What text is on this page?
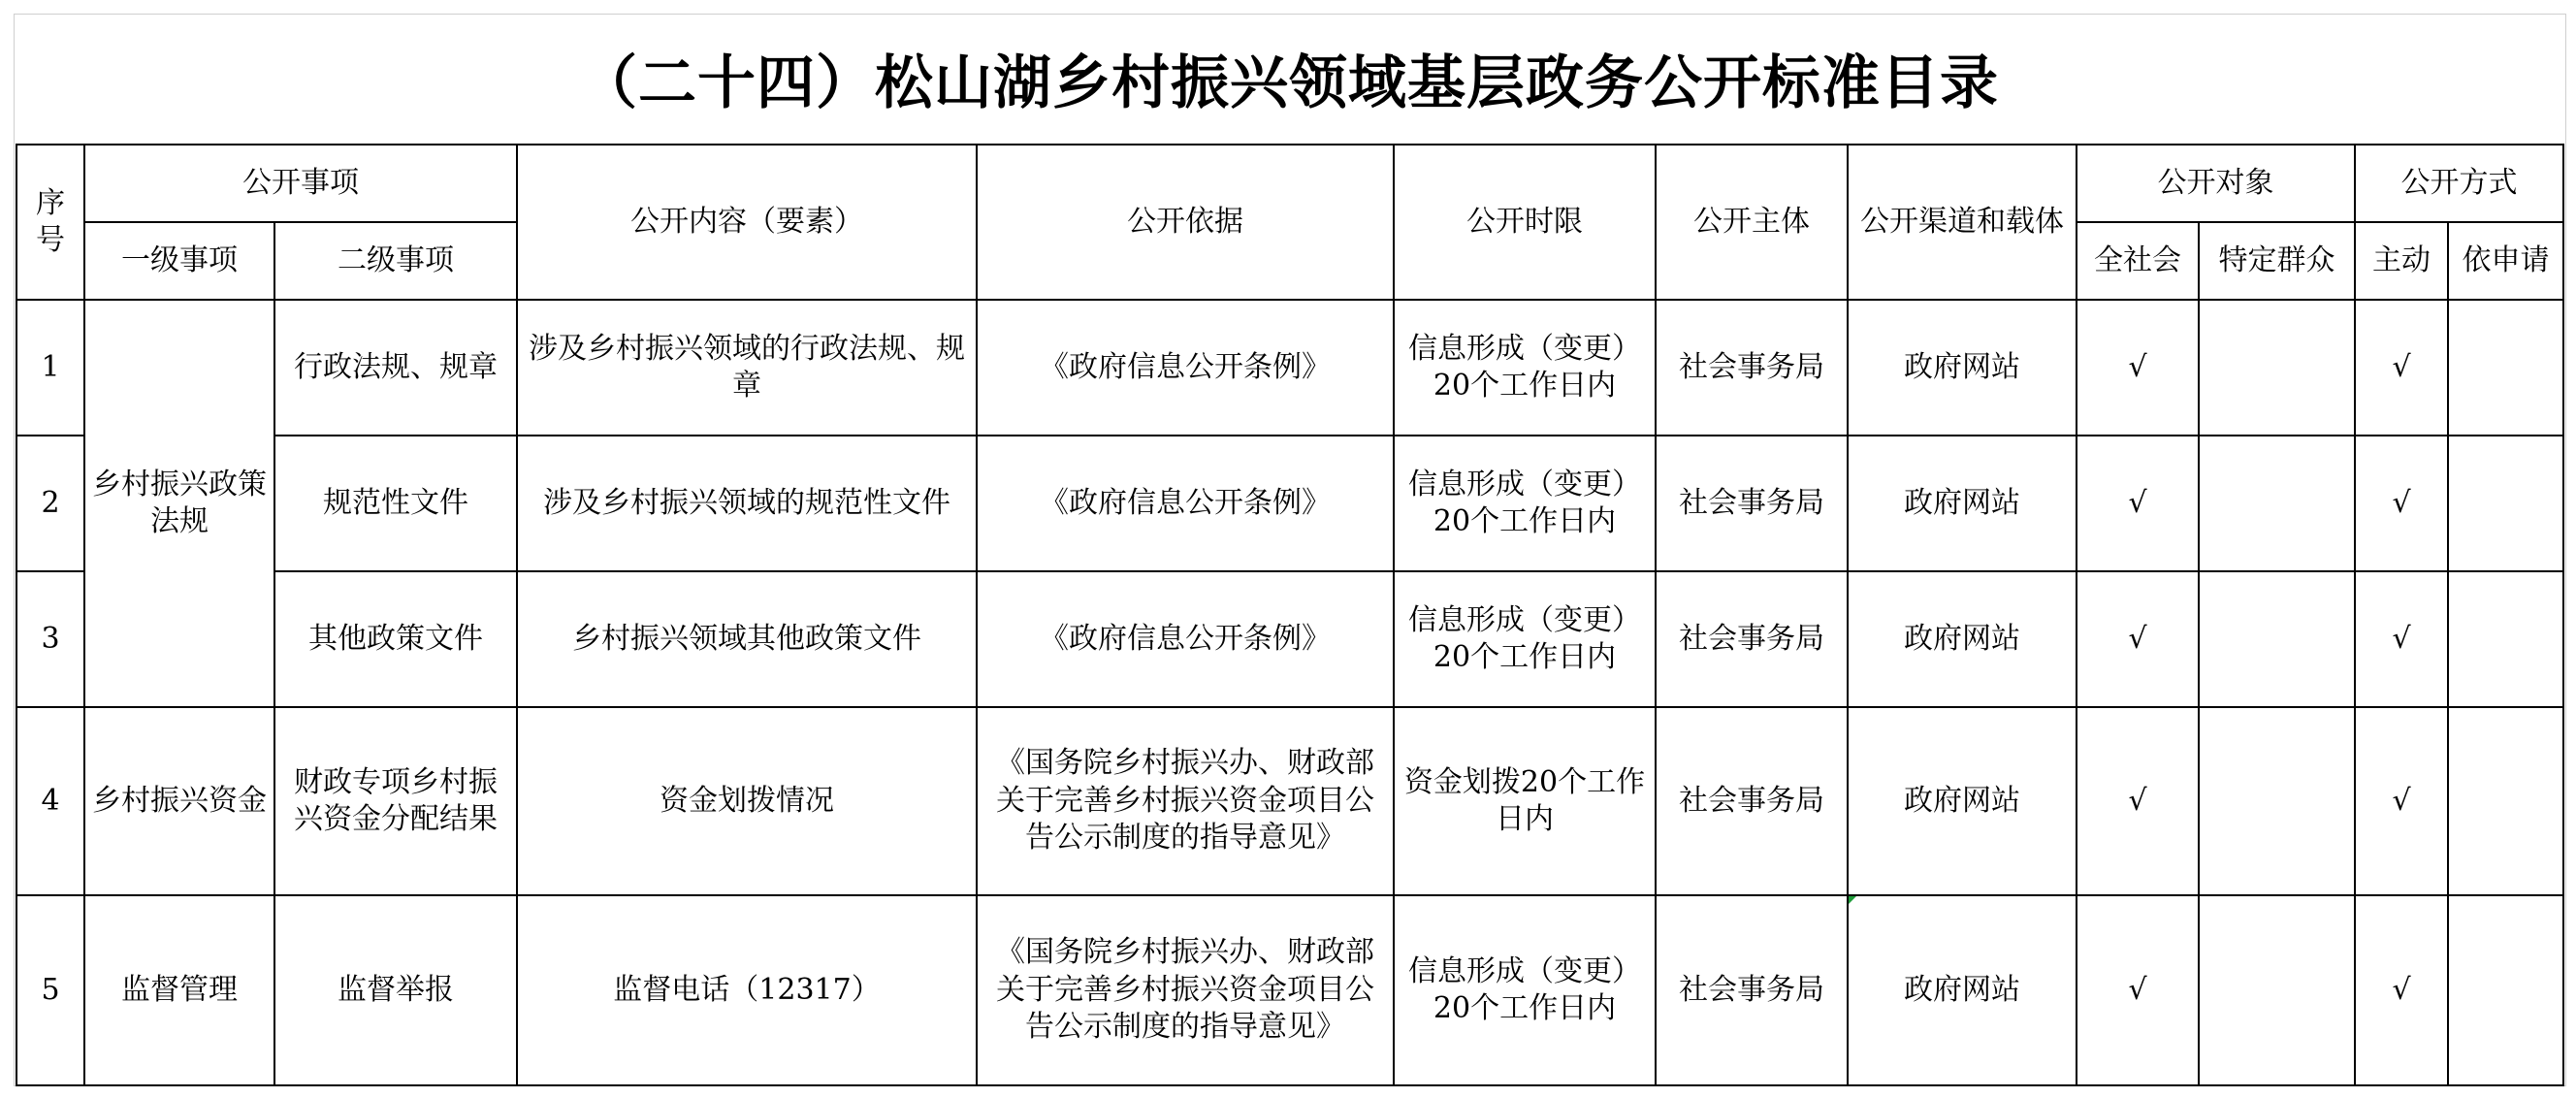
（二十四）松山湖乡村振兴领域基层政务公开标准目录
序号	公开事项		公开内容（要素）	公开依据	公开时限	公开主体	公开渠道和载体	公开对象		公开方式	
	一级事项	二级事项						全社会	特定群众	主动	依申请
1	乡村振兴政策法规	行政法规、规章	涉及乡村振兴领域的行政法规、规章	《政府信息公开条例》	信息形成（变更）20个工作日内	社会事务局	政府网站	√		√	
2		规范性文件	涉及乡村振兴领域的规范性文件	《政府信息公开条例》	信息形成（变更）20个工作日内	社会事务局	政府网站	√		√	
3		其他政策文件	乡村振兴领域其他政策文件	《政府信息公开条例》	信息形成（变更）20个工作日内	社会事务局	政府网站	√		√	
4	乡村振兴资金	财政专项乡村振兴资金分配结果	资金划拨情况	《国务院乡村振兴办、财政部关于完善乡村振兴资金项目公告公示制度的指导意见》	资金划拨20个工作日内	社会事务局	政府网站	√		√	
5	监督管理	监督举报	监督电话（12317）	《国务院乡村振兴办、财政部关于完善乡村振兴资金项目公告公示制度的指导意见》	信息形成（变更）20个工作日内	社会事务局	政府网站	√		√	
